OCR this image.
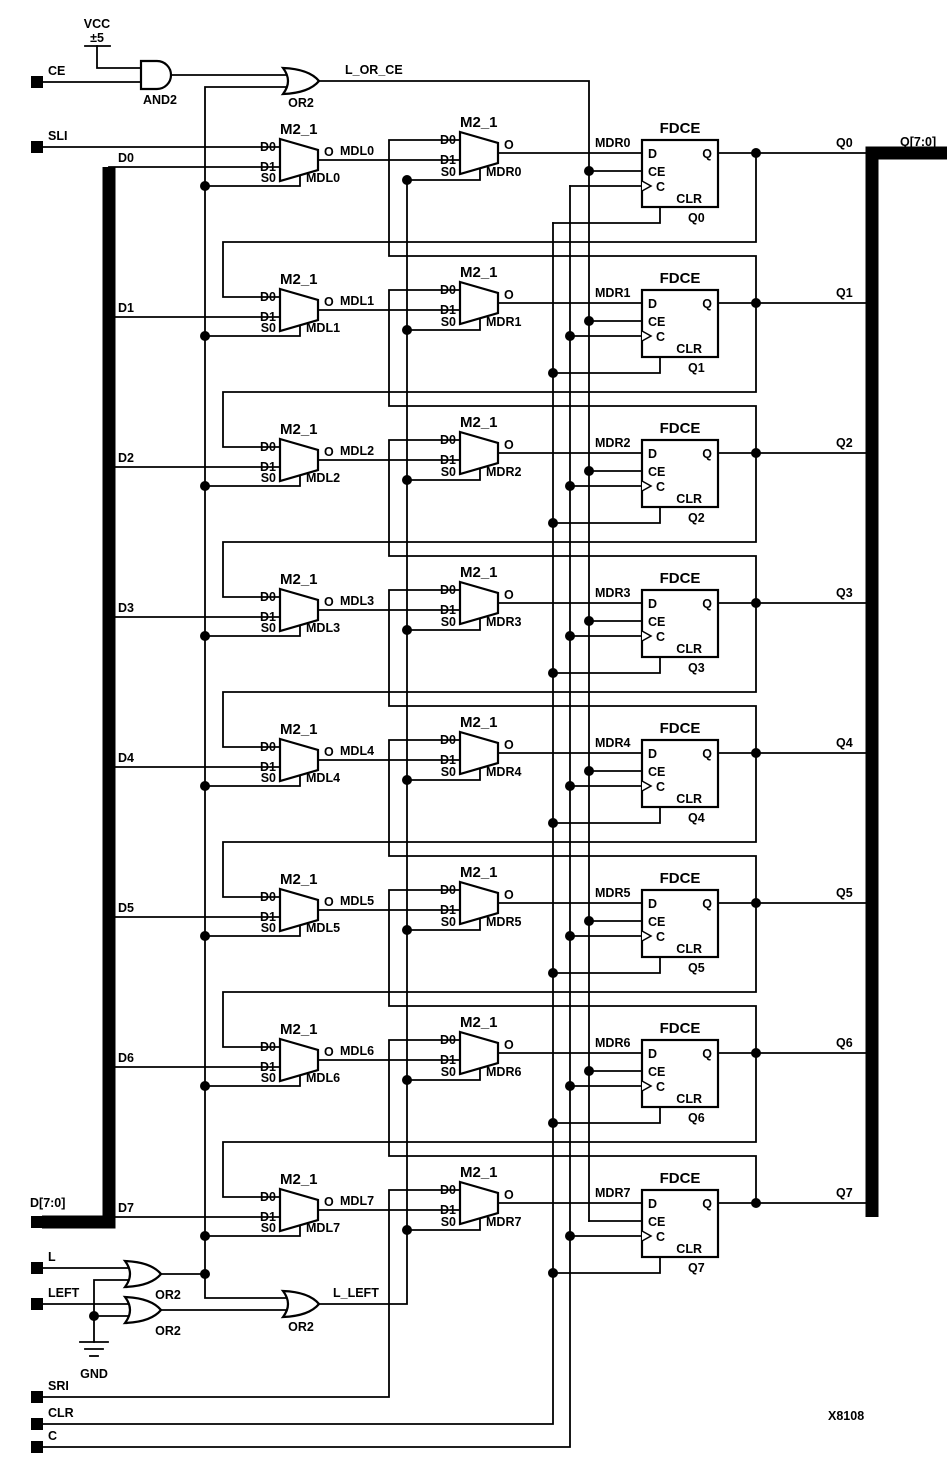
VCC
±5
CE
AND2	OR2
L_OR_CE
SLI
D[7:0]
Q[7:0]
D0
M2_1
D0
D1
S0
O
MDL0
MDL0
M2_1
D0
D1
S0
O
MDR0
MDR0
FDCE
D
CE
C
CLR
Q
Q0
Q0
D1
M2_1
D0
D1
S0
O
MDL1
MDL1
M2_1
D0
D1
S0
O
MDR1
MDR1
FDCE
D
CE
C
CLR
Q
Q1
Q1
D2
M2_1
D0
D1
S0
O
MDL2
MDL2
M2_1
D0
D1
S0
O
MDR2
MDR2
FDCE
D
CE
C
CLR
Q
Q2
Q2
D3
M2_1
D0
D1
S0
O
MDL3
MDL3
M2_1
D0
D1
S0
O
MDR3
MDR3
FDCE
D
CE
C
CLR
Q
Q3
Q3
D4
M2_1
D0
D1
S0
O
MDL4
MDL4
M2_1
D0
D1
S0
O
MDR4
MDR4
FDCE
D
CE
C
CLR
Q
Q4
Q4
D5
M2_1
D0
D1
S0
O
MDL5
MDL5
M2_1
D0
D1
S0
O
MDR5
MDR5
FDCE
D
CE
C
CLR
Q
Q5
Q5
D6
M2_1
D0
D1
S0
O
MDL6
MDL6
M2_1
D0
D1
S0
O
MDR6
MDR6
FDCE
D
CE
C
CLR
Q
Q6
Q6
D7
M2_1
D0
D1
S0
O
MDL7
MDL7
M2_1
D0
D1
S0
O
MDR7
MDR7
FDCE
D
CE
C
CLR
Q
Q7
Q7
L
OR2
LEFT
OR2
GND
OR2
L_LEFT
SRI
CLR
C
X8108
